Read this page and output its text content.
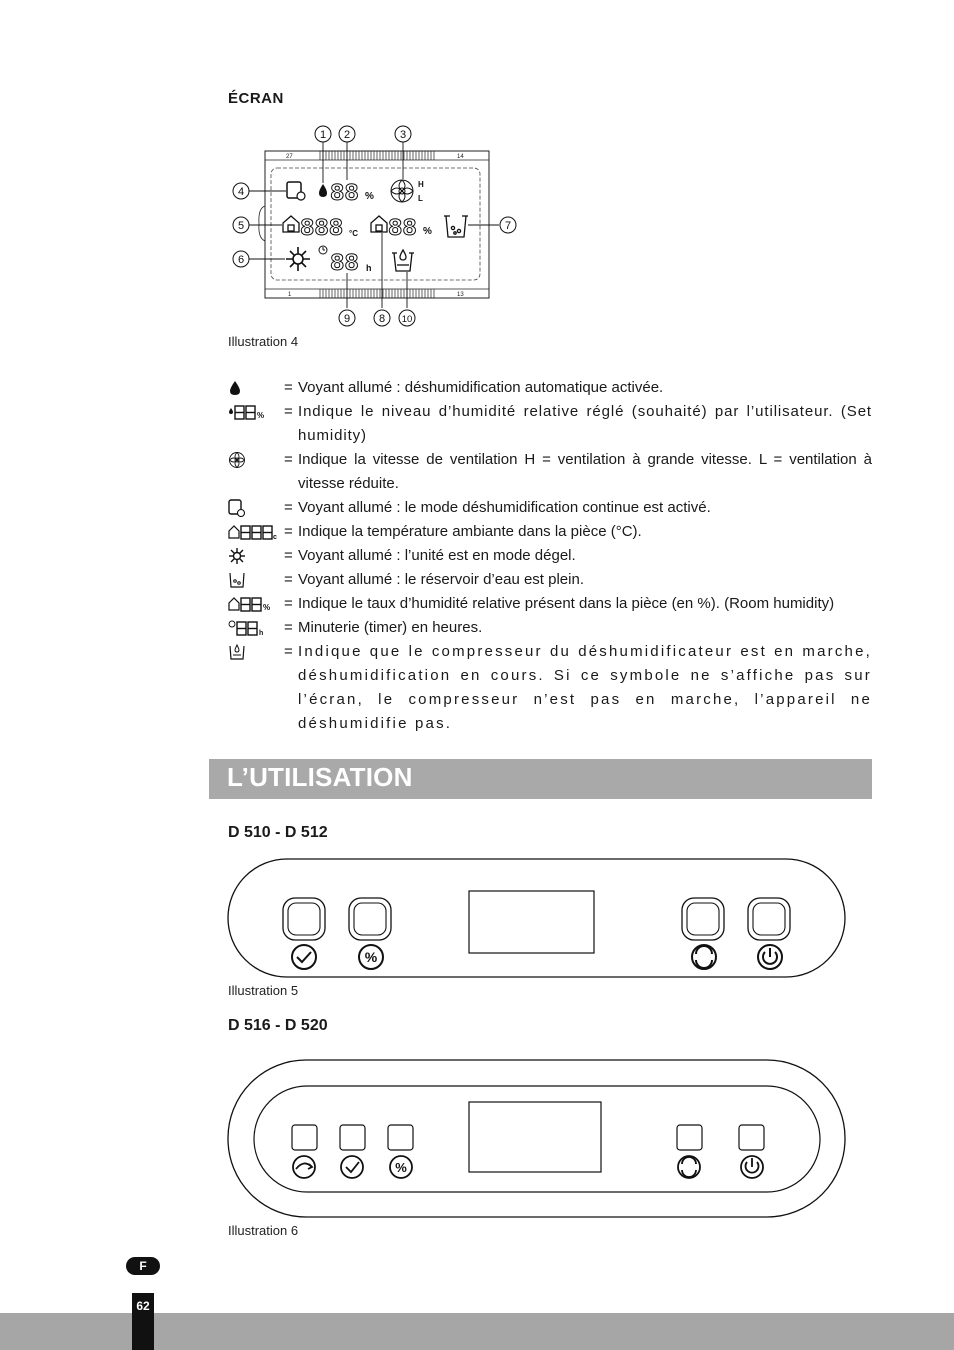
ÉCRAN
27	14
1	13
88 %
H
L
888 °C 88 %
88 h
1 2	3
4
5
6
7
8
9	10
Illustration 4
= Voyant allumé : déshumidification automatique activée.
% = Indique le niveau d’humidité relative réglé (souhaité) par l’utilisateur. (Set humidity)
= Indique la vitesse de ventilation H = ventilation à grande vitesse. L = ventilation à vitesse réduite.
= Voyant allumé : le mode déshumidification continue est activé.
c = Indique la température ambiante dans la pièce (°C).
= Voyant allumé : l’unité est en mode dégel.
= Voyant allumé : le réservoir d’eau est plein.
% = Indique le taux d’humidité relative présent dans la pièce (en %). (Room humidity)
h = Minuterie (timer) en heures.
= Indique que le compresseur du déshumidificateur est en marche, déshumidification en cours. Si ce symbole ne s’affiche pas sur l’écran, le compresseur n’est pas en marche, l’appareil ne déshumidifie pas.
L’UTILISATION
D 510 - D 512
%
Illustration 5
D 516 - D 520
%
Illustration 6
F
62
